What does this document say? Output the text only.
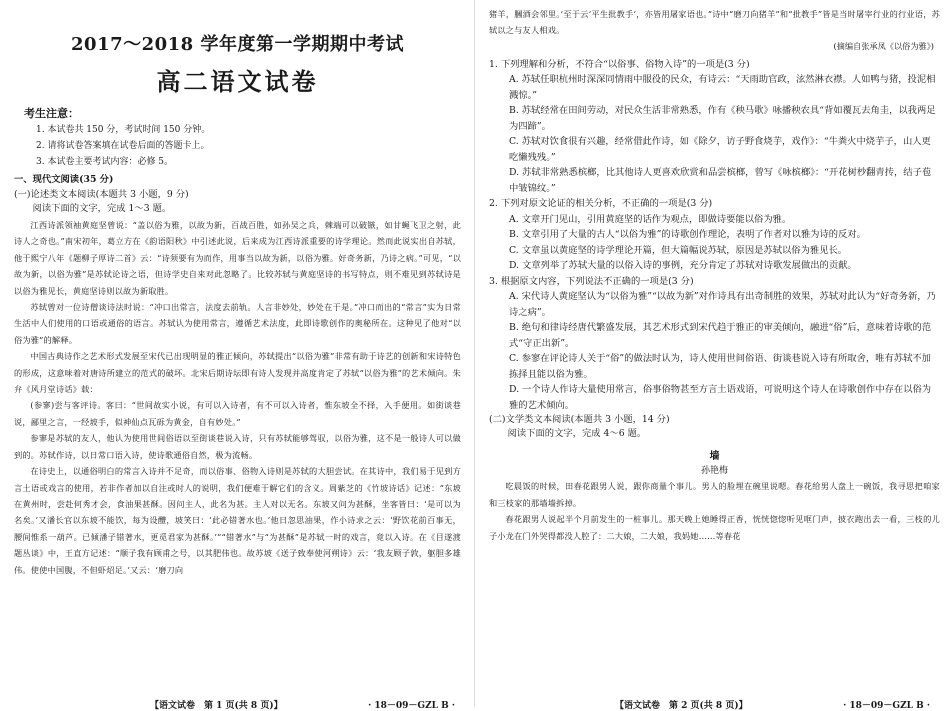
2017～2018 学年度第一学期期中考试
高二语文试卷
考生注意：
1. 本试卷共 150 分，考试时间 150 分钟。
2. 请将试卷答案填在试卷后面的答题卡上。
3. 本试卷主要考试内容：必修 5。
一、现代文阅读(35 分)
(一)论述类文本阅读(本题共 3 小题，9 分)
阅读下面的文字，完成 1～3 题。

江西诗派领袖黄庭坚曾说：“盖以俗为雅，以故为新，百战百胜，如孙吴之兵，棘端可以破镞，如甘蝇飞卫之射，此诗人之奇也。”南宋初年，葛立方在《韵语阳秋》中引述此说，后来成为江西诗派重要的诗学理论。然而此说实出自苏轼，他于熙宁八年《题柳子厚诗二首》云：“诗须要有为而作，用事当以故为新，以俗为雅。好奇务新，乃诗之病。”可见，“以故为新，以俗为雅”是苏轼论诗之语，但诗学史自来对此忽略了。比较苏轼与黄庭坚诗的书写特点，则不难见到苏轼诗是以俗为雅见长，黄庭坚诗则以故为新取胜。

苏轼曾对一位诗僧谈诗法时说：“冲口出常言，法度去前轨。人言非妙处，妙处在于是。”冲口而出的“常言”实为日常生活中人们使用的口语或通俗的语言。苏轼认为使用常言，遵循艺术法度，此即诗歌创作的奥秘所在。这种见了他对“以俗为雅”的解释。

中国古典诗作之艺术形式发展至宋代已出现明显的雅正倾向，苏轼提出“以俗为雅”非常有助于诗艺的创新和宋诗特色的形成，这意味着对唐诗所建立的范式的破坏。北宋后期诗坛即有诗人发现并高度肯定了苏轼“以俗为雅”的艺术倾向。朱弁《风月堂诗话》载：

(参寥)尝与客评诗。客曰：“世间故实小说，有可以入诗者，有不可以入诗者，惟东坡全不择，入手便用。如街谈巷说，鄙里之言，一经坡手，似神仙点瓦砾为黄金，自有妙处。”

参寥是苏轼的友人，他认为使用世间俗语以至街谈巷说入诗，只有苏轼能够驾驭，以俗为雅，这不是一般诗人可以做到的。苏轼作诗，以日常口语入诗，使诗歌通俗自然，极为流畅。

在诗史上，以通俗明白的常言入诗并不足奇，而以俗事、俗物入诗则是苏轼的大胆尝试。在其诗中，我们易于见到方言土语或戏言的使用，若非作者加以自注或时人的说明，我们便难于解它们的含义。周紫芝的《竹坡诗话》记述：“东坡在黄州时，尝赴何秀才会，食油果甚酥。因问主人，此名为甚。主人对以无名。东坡又问为甚酥，坐客皆曰：‘是可以为名矣。’又潘长官以东坡不能饮，每为设醴，坡笑曰：‘此必错著水也。’他日忽思油果，作小诗求之云：‘野饮花前百事无，腰间惟系一葫芦。已倾潘子错著水，更觅君家为甚酥。’”“错著水”与“为甚酥”是苏轼一时的戏言，竟以入诗。在《目遂渡题丛谈》中，王直方记述：“顺子我有顾甫之号，以其肥伟也。故苏坡《送子致奉使河朔诗》云：‘我友顾子敦，躯胆多雄伟。使使中国腹，不但虾炤足。’又云：‘磨刀向

【语文试卷　第 1 页(共 8 页)】	· 18－09－GZL B ·

猪羊，膕酒会邻里。’至于云‘平生批教手’，亦皆用屠家语也。”诗中“磨刀向猪羊”和“批教手”皆是当时屠宰行业的行业语，苏轼以之与友人相戏。

(摘编自张承凤《以俗为雅》)

1. 下列理解和分析，不符合“以俗事、俗物入诗”的一项是(3 分)

A. 苏轼任职杭州时深深同情雨中服役的民众，有诗云：“天雨助官政，泫然淋衣襟。人如鸭与猪，投泥相溅惊。”

B. 苏轼经常在田间劳动，对民众生活非常熟悉，作有《秧马歌》咏播秧农具“背如覆瓦去角圭，以我两足为四蹄”。

C. 苏轼对饮食很有兴趣，经常借此作诗，如《除夕，访子野食烧芋，戏作》：“牛粪火中烧芋子，山人更吃懒残残。”

D. 苏轼非常熟悉槟榔，比其他诗人更喜欢欣赏和品尝槟榔，曾写《咏槟榔》：“开花树杪翻青抟，结子苞中皱锦纹。”

2. 下列对原文论证的相关分析，不正确的一项是(3 分)

A. 文章开门见山，引用黄庭坚的话作为观点，即做诗要能以俗为雅。

B. 文章引用了大量的古人“以俗为雅”的诗歌创作理论，表明了作者对以雅为诗的反对。

C. 文章虽以黄庭坚的诗学理论开篇，但大篇幅说苏轼，原因是苏轼以俗为雅见长。

D. 文章列举了苏轼大量的以俗入诗的事例，充分肯定了苏轼对诗歌发展做出的贡献。

3. 根据原文内容，下列说法不正确的一项是(3 分)

A. 宋代诗人黄庭坚认为“以俗为雅”“以故为新”对作诗具有出奇制胜的效果，苏轼对此认为“好奇务新，乃诗之病”。

B. 绝句和律诗经唐代繁盛发展，其艺术形式到宋代趋于雅正的审美倾向，融进“俗”后，意味着诗歌的范式“守正出新”。

C. 参寥在评论诗人关于“俗”的做法时认为，诗人使用世间俗语、街谈巷说入诗有所取舍，唯有苏轼不加拣择且能以俗为雅。

D. 一个诗人作诗大量使用常言，俗事俗物甚至方言土语戏语，可说明这个诗人在诗歌创作中存在以俗为雅的艺术倾向。

(二)文学类文本阅读(本题共 3 小题，14 分)
阅读下面的文字，完成 4～6 题。
墙
孙艳梅

吃晨饭的时候，田春花跟男人说，跟你商量个事儿。男人的脸埋在碗里说嗯。春花给男人盘上一碗饭，我寻思把咱家和三枝家的那墙墙拆掉。

春花跟男人说起半个月前发生的一桩事儿。那天晚上她睡得正香，恍恍惚惚听见哐门声，披衣跑出去一看，三枝的儿子小龙在门外哭得都没人腔了：二大娘，二大娘，我妈她……等春花

【语文试卷　第 2 页(共 8 页)】	· 18－09－GZL B ·
